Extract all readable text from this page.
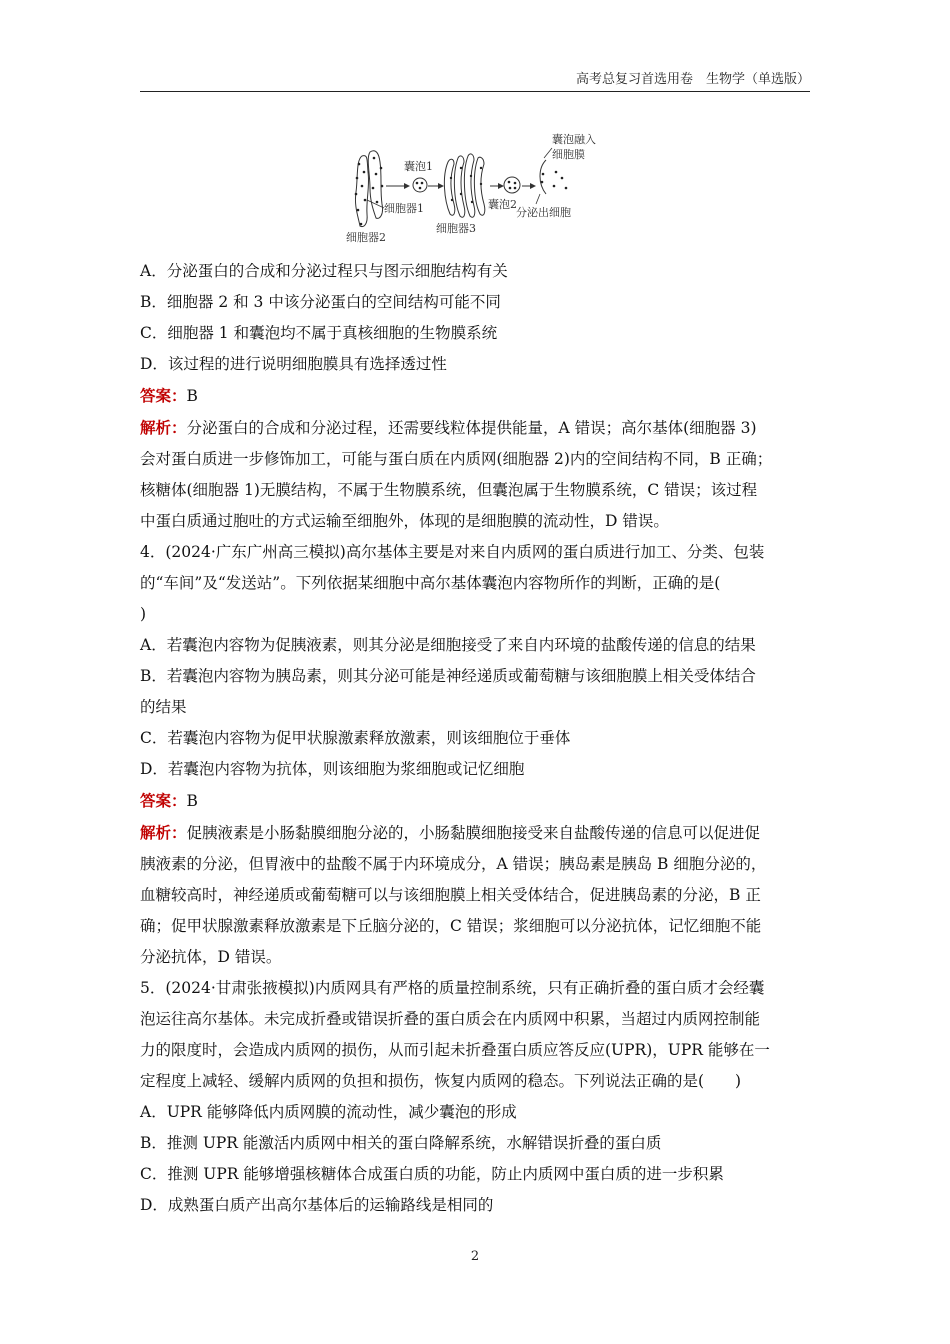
高考总复习首选用卷　生物学（单选版）
细胞器1
细胞器2
囊泡1
细胞器3
囊泡2
囊泡融入
细胞膜
分泌出细胞

A．分泌蛋白的合成和分泌过程只与图示细胞结构有关

B．细胞器 2 和 3 中该分泌蛋白的空间结构可能不同

C．细胞器 1 和囊泡均不属于真核细胞的生物膜系统

D．该过程的进行说明细胞膜具有选择透过性

答案：B

解析：分泌蛋白的合成和分泌过程，还需要线粒体提供能量，A 错误；高尔基体(细胞器 3)

会对蛋白质进一步修饰加工，可能与蛋白质在内质网(细胞器 2)内的空间结构不同，B 正确；

核糖体(细胞器 1)无膜结构，不属于生物膜系统，但囊泡属于生物膜系统，C 错误；该过程

中蛋白质通过胞吐的方式运输至细胞外，体现的是细胞膜的流动性，D 错误。

4．(2024·广东广州高三模拟)高尔基体主要是对来自内质网的蛋白质进行加工、分类、包装

的“车间”及“发送站”。下列依据某细胞中高尔基体囊泡内容物所作的判断，正确的是(

)

A．若囊泡内容物为促胰液素，则其分泌是细胞接受了来自内环境的盐酸传递的信息的结果

B．若囊泡内容物为胰岛素，则其分泌可能是神经递质或葡萄糖与该细胞膜上相关受体结合

的结果

C．若囊泡内容物为促甲状腺激素释放激素，则该细胞位于垂体

D．若囊泡内容物为抗体，则该细胞为浆细胞或记忆细胞

答案：B

解析：促胰液素是小肠黏膜细胞分泌的，小肠黏膜细胞接受来自盐酸传递的信息可以促进促

胰液素的分泌，但胃液中的盐酸不属于内环境成分，A 错误；胰岛素是胰岛 B 细胞分泌的，

血糖较高时，神经递质或葡萄糖可以与该细胞膜上相关受体结合，促进胰岛素的分泌，B 正

确；促甲状腺激素释放激素是下丘脑分泌的，C 错误；浆细胞可以分泌抗体，记忆细胞不能

分泌抗体，D 错误。

5．(2024·甘肃张掖模拟)内质网具有严格的质量控制系统，只有正确折叠的蛋白质才会经囊

泡运往高尔基体。未完成折叠或错误折叠的蛋白质会在内质网中积累，当超过内质网控制能

力的限度时，会造成内质网的损伤，从而引起未折叠蛋白质应答反应(UPR)，UPR 能够在一

定程度上减轻、缓解内质网的负担和损伤，恢复内质网的稳态。下列说法正确的是(　　)

A．UPR 能够降低内质网膜的流动性，减少囊泡的形成

B．推测 UPR 能激活内质网中相关的蛋白降解系统，水解错误折叠的蛋白质

C．推测 UPR 能够增强核糖体合成蛋白质的功能，防止内质网中蛋白质的进一步积累

D．成熟蛋白质产出高尔基体后的运输路线是相同的

2
